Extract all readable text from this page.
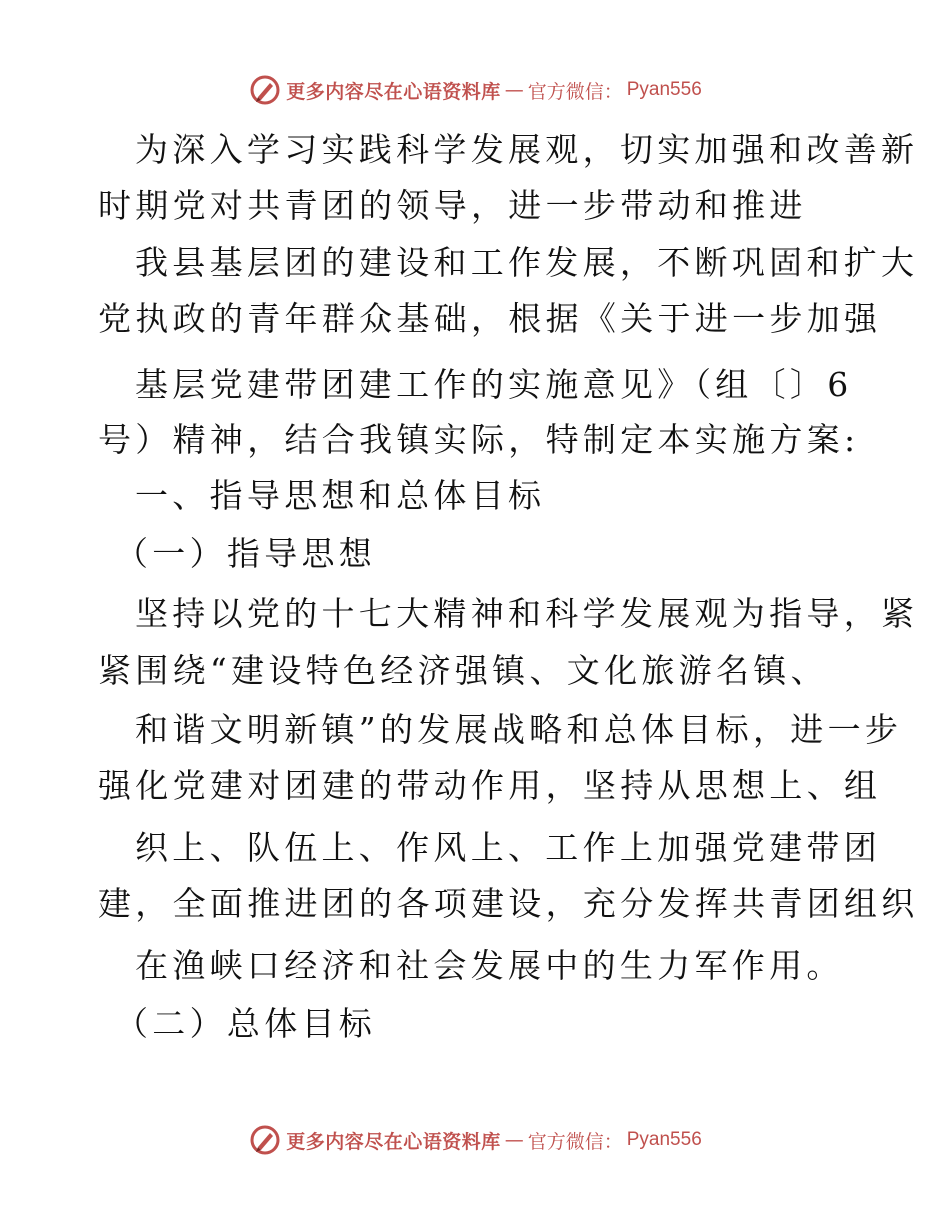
更多内容尽在心语资料库 — 官方微信： Pyan556
为深入学习实践科学发展观，切实加强和改善新
时期党对共青团的领导，进一步带动和推进
我县基层团的建设和工作发展，不断巩固和扩大
党执政的青年群众基础，根据《关于进一步加强
基层党建带团建工作的实施意见》（组〔〕6
号）精神，结合我镇实际，特制定本实施方案:
一、指导思想和总体目标
（一）指导思想
坚持以党的十七大精神和科学发展观为指导，紧
紧围绕“建设特色经济强镇、文化旅游名镇、
和谐文明新镇”的发展战略和总体目标，进一步
强化党建对团建的带动作用，坚持从思想上、组
织上、队伍上、作风上、工作上加强党建带团
建，全面推进团的各项建设，充分发挥共青团组织
在渔峡口经济和社会发展中的生力军作用。
（二）总体目标
更多内容尽在心语资料库 — 官方微信： Pyan556
